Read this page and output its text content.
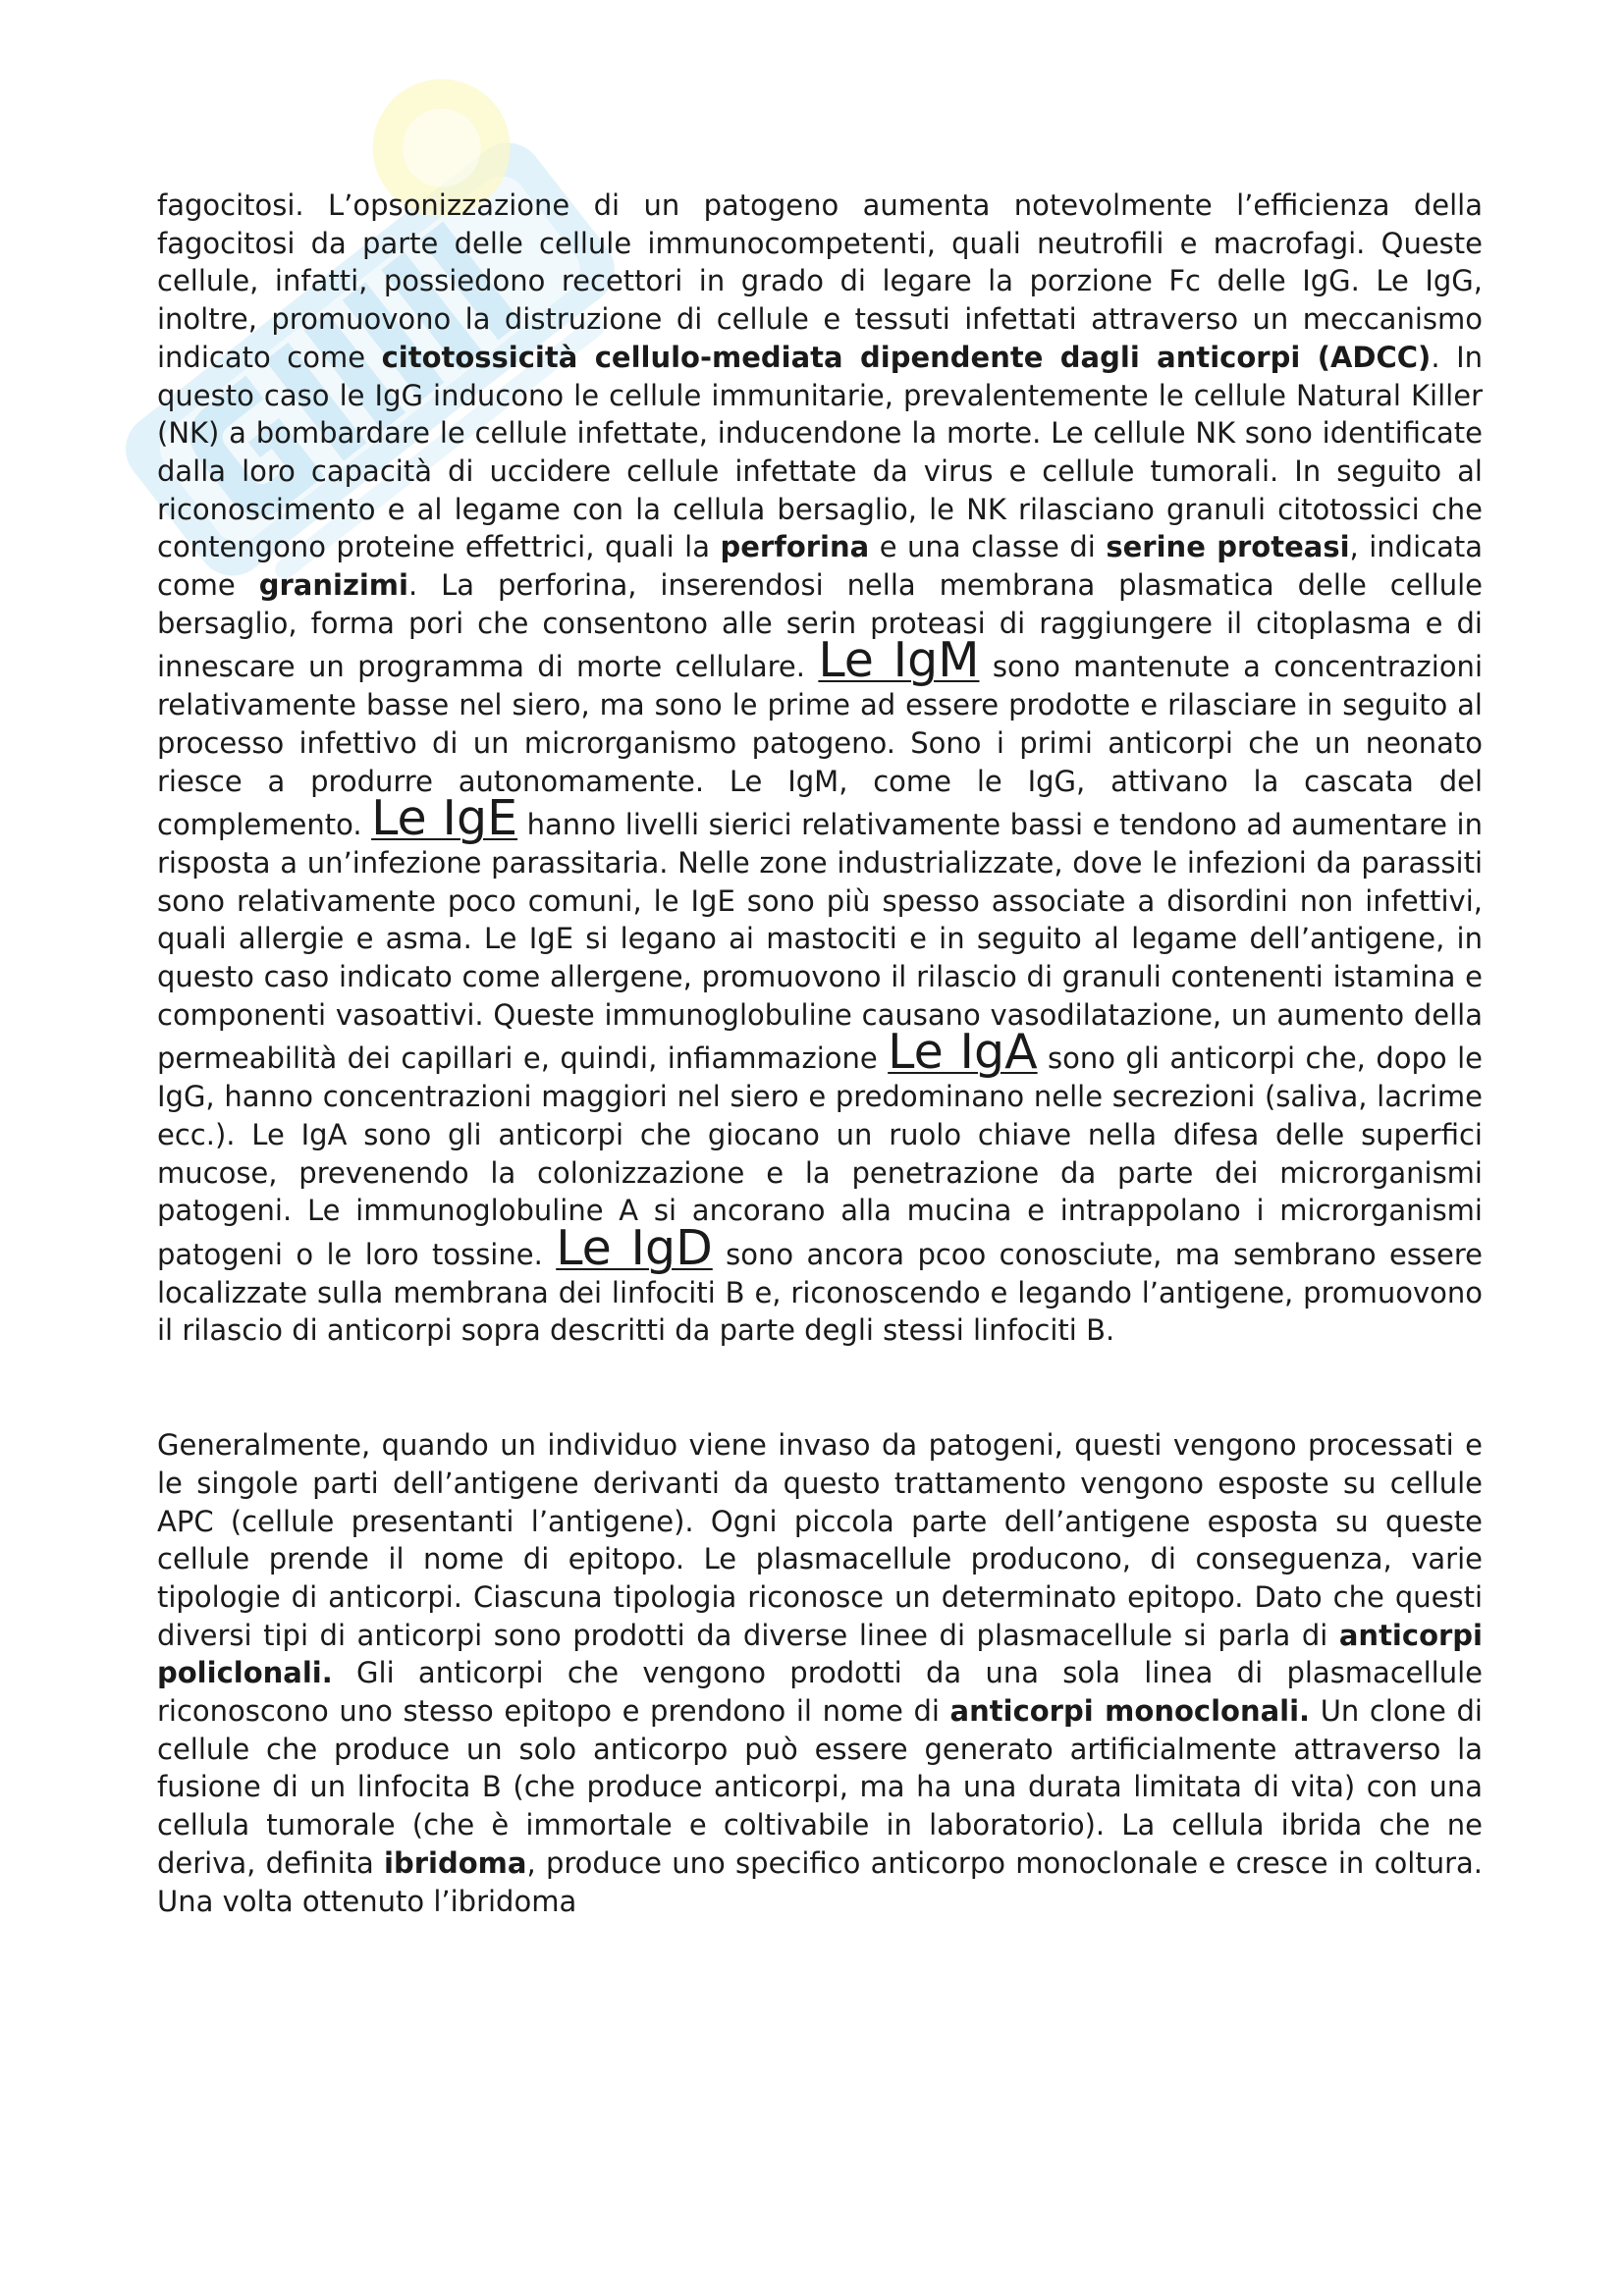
fagocitosi. L’opsonizzazione di un patogeno aumenta notevolmente l’efficienza della fagocitosi da parte delle cellule immunocompetenti, quali neutrofili e macrofagi. Queste cellule, infatti, possiedono recettori in grado di legare la porzione Fc delle IgG. Le IgG, inoltre, promuovono la distruzione di cellule e tessuti infettati attraverso un meccanismo indicato come citotossicità cellulo-mediata dipendente dagli anticorpi (ADCC). In questo caso le IgG inducono le cellule immunitarie, prevalentemente le cellule Natural Killer (NK) a bombardare le cellule infettate, inducendone la morte. Le cellule NK sono identificate dalla loro capacità di uccidere cellule infettate da virus e cellule tumorali. In seguito al riconoscimento e al legame con la cellula bersaglio, le NK rilasciano granuli citotossici che contengono proteine effettrici, quali la perforina e una classe di serine proteasi, indicata come granizimi. La perforina, inserendosi nella membrana plasmatica delle cellule bersaglio, forma pori che consentono alle serin proteasi di raggiungere il citoplasma e di innescare un programma di morte cellulare. Le IgM sono mantenute a concentrazioni relativamente basse nel siero, ma sono le prime ad essere prodotte e rilasciare in seguito al processo infettivo di un microrganismo patogeno. Sono i primi anticorpi che un neonato riesce a produrre autonomamente. Le IgM, come le IgG, attivano la cascata del complemento. Le IgE hanno livelli sierici relativamente bassi e tendono ad aumentare in risposta a un’infezione parassitaria. Nelle zone industrializzate, dove le infezioni da parassiti sono relativamente poco comuni, le IgE sono più spesso associate a disordini non infettivi, quali allergie e asma. Le IgE si legano ai mastociti e in seguito al legame dell’antigene, in questo caso indicato come allergene, promuovono il rilascio di granuli contenenti istamina e componenti vasoattivi. Queste immunoglobuline causano vasodilatazione, un aumento della permeabilità dei capillari e, quindi, infiammazione Le IgA sono gli anticorpi che, dopo le IgG, hanno concentrazioni maggiori nel siero e predominano nelle secrezioni (saliva, lacrime ecc.). Le IgA sono gli anticorpi che giocano un ruolo chiave nella difesa delle superfici mucose, prevenendo la colonizzazione e la penetrazione da parte dei microrganismi patogeni. Le immunoglobuline A si ancorano alla mucina e intrappolano i microrganismi patogeni o le loro tossine. Le IgD sono ancora pcoo conosciute, ma sembrano essere localizzate sulla membrana dei linfociti B e, riconoscendo e legando l’antigene, promuovono il rilascio di anticorpi sopra descritti da parte degli stessi linfociti B.

Generalmente, quando un individuo viene invaso da patogeni, questi vengono processati e le singole parti dell’antigene derivanti da questo trattamento vengono esposte su cellule APC (cellule presentanti l’antigene). Ogni piccola parte dell’antigene esposta su queste cellule prende il nome di epitopo. Le plasmacellule producono, di conseguenza, varie tipologie di anticorpi. Ciascuna tipologia riconosce un determinato epitopo. Dato che questi diversi tipi di anticorpi sono prodotti da diverse linee di plasmacellule si parla di anticorpi policlonali. Gli anticorpi che vengono prodotti da una sola linea di plasmacellule riconoscono uno stesso epitopo e prendono il nome di anticorpi monoclonali. Un clone di cellule che produce un solo anticorpo può essere generato artificialmente attraverso la fusione di un linfocita B (che produce anticorpi, ma ha una durata limitata di vita) con una cellula tumorale (che è immortale e coltivabile in laboratorio). La cellula ibrida che ne deriva, definita ibridoma, produce uno specifico anticorpo monoclonale e cresce in coltura. Una volta ottenuto l’ibridoma
